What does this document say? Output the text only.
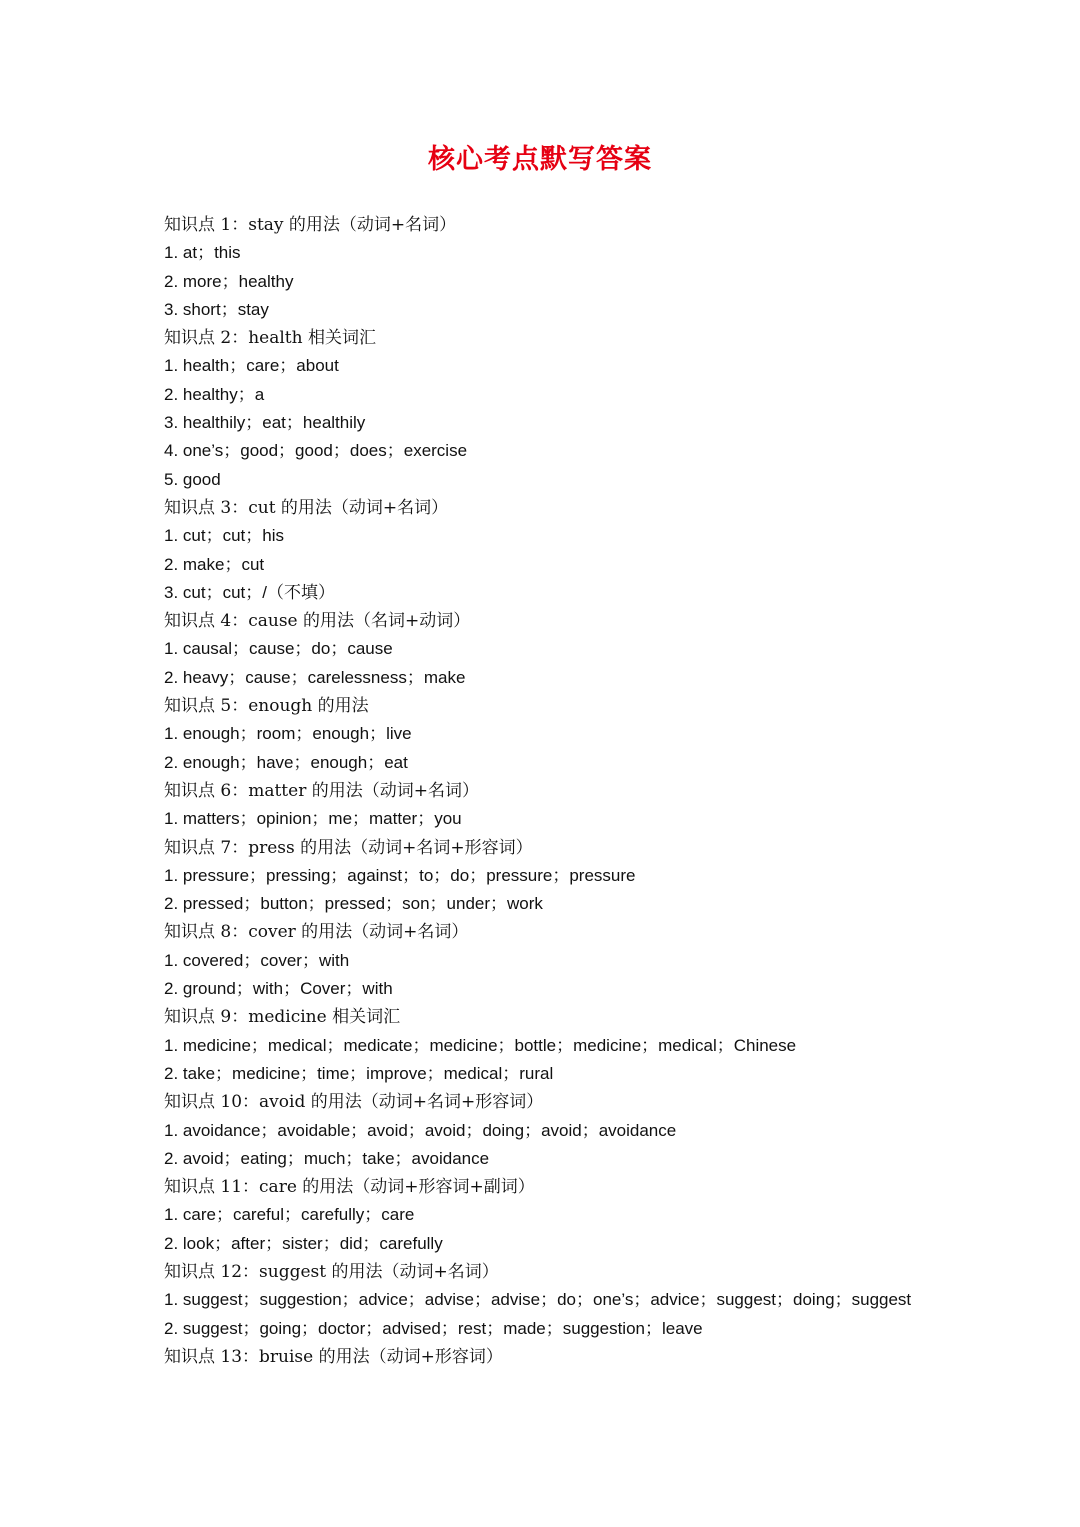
核心考点默写答案
知识点 1：stay 的用法（动词+名词）
1. at；this
2. more；healthy
3. short；stay
知识点 2：health 相关词汇
1. health；care；about
2. healthy；a
3. healthily；eat；healthily
4. one’s；good；good；does；exercise
5. good
知识点 3：cut 的用法（动词+名词）
1. cut；cut；his
2. make；cut
3. cut；cut；/（不填）
知识点 4：cause 的用法（名词+动词）
1. causal；cause；do；cause
2. heavy；cause；carelessness；make
知识点 5：enough 的用法
1. enough；room；enough；live
2. enough；have；enough；eat
知识点 6：matter 的用法（动词+名词）
1. matters；opinion；me；matter；you
知识点 7：press 的用法（动词+名词+形容词）
1. pressure；pressing；against；to；do；pressure；pressure
2. pressed；button；pressed；son；under；work
知识点 8：cover 的用法（动词+名词）
1. covered；cover；with
2. ground；with；Cover；with
知识点 9：medicine 相关词汇
1. medicine；medical；medicate；medicine；bottle；medicine；medical；Chinese
2. take；medicine；time；improve；medical；rural
知识点 10：avoid 的用法（动词+名词+形容词）
1. avoidance；avoidable；avoid；avoid；doing；avoid；avoidance
2. avoid；eating；much；take；avoidance
知识点 11：care 的用法（动词+形容词+副词）
1. care；careful；carefully；care
2. look；after；sister；did；carefully
知识点 12：suggest 的用法（动词+名词）
1. suggest；suggestion；advice；advise；advise；do；one’s；advice；suggest；doing；suggest
2. suggest；going；doctor；advised；rest；made；suggestion；leave
知识点 13：bruise 的用法（动词+形容词）
